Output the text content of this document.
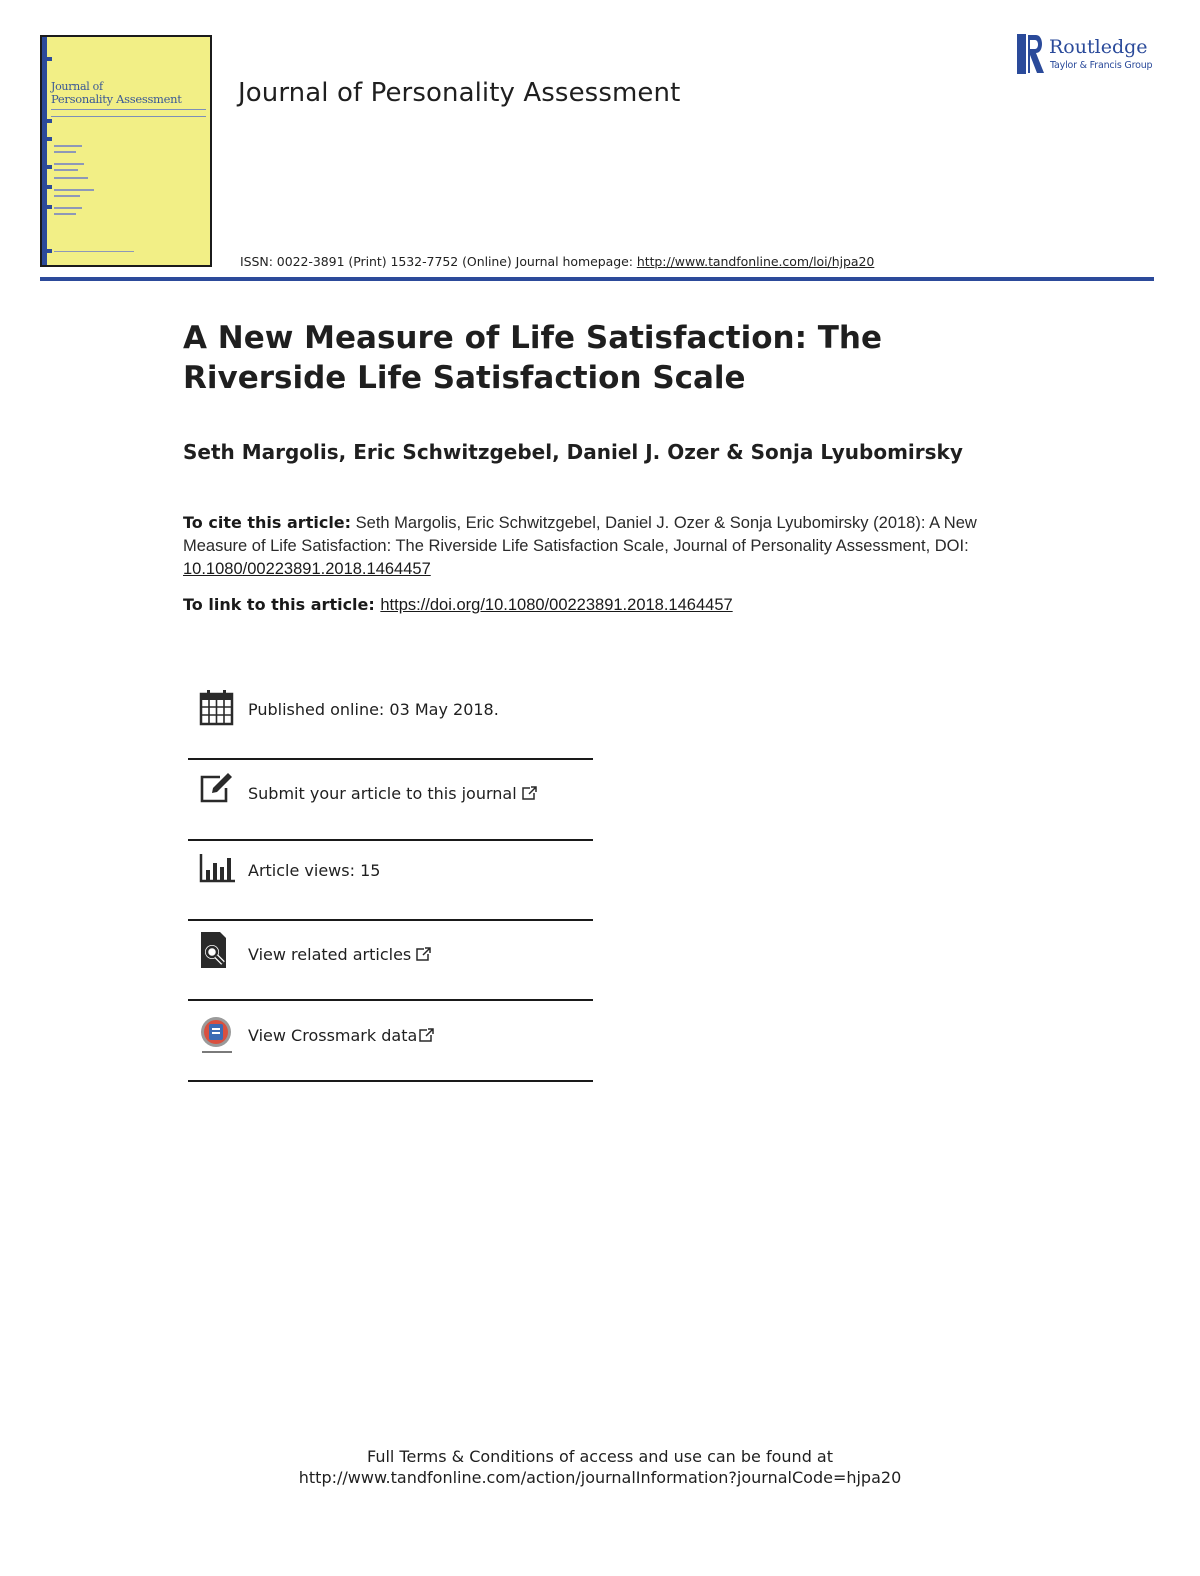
Journal of
Personality Assessment	Journal of Personality Assessment
ISSN: 0022-3891 (Print) 1532-7752 (Online) Journal homepage: http://www.tandfonline.com/loi/hjpa20
Routledge
Taylor & Francis Group
A New Measure of Life Satisfaction: The Riverside Life Satisfaction Scale
Seth Margolis, Eric Schwitzgebel, Daniel J. Ozer & Sonja Lyubomirsky
To cite this article: Seth Margolis, Eric Schwitzgebel, Daniel J. Ozer & Sonja Lyubomirsky (2018): A New Measure of Life Satisfaction: The Riverside Life Satisfaction Scale, Journal of Personality Assessment, DOI: 10.1080/00223891.2018.1464457
To link to this article: https://doi.org/10.1080/00223891.2018.1464457
Published online: 03 May 2018.
Submit your article to this journal
Article views: 15
View related articles
View Crossmark data
Full Terms & Conditions of access and use can be found at
http://www.tandfonline.com/action/journalInformation?journalCode=hjpa20
